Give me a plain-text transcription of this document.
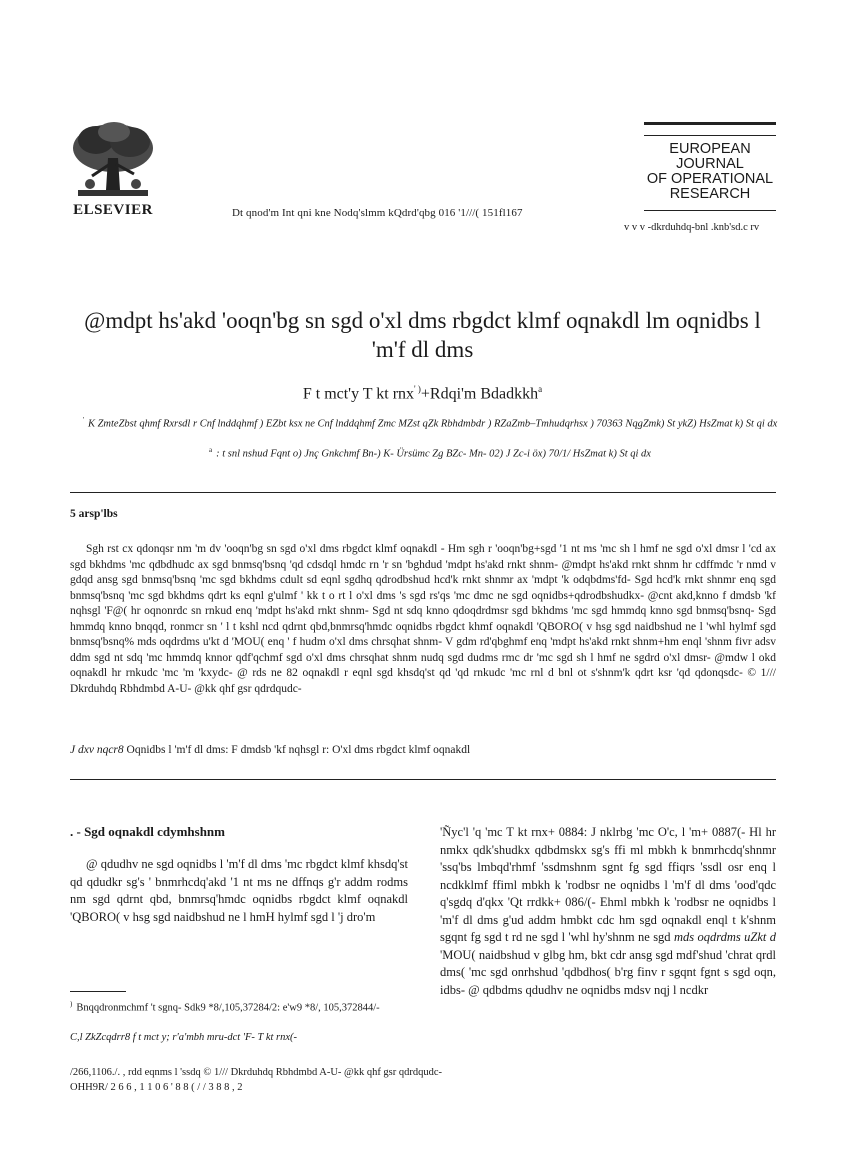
ELSEVIER	Dt qnod'm Int qni kne Nodq'slmm kQdrd'qbg 016 '1///( 151fl167
EUROPEAN
JOURNAL
OF OPERATIONAL
RESEARCH
v v v -dkrduhdq-bnl .knb'sd.c rv
@mdpt hs'akd 'ooqn'bg sn sgd o'xl dms rbgdct klmf oqnakdl lm oqnidbs l 'm'f dl dms
F t mct'y T kt rnx' )+Rdqi'm Bdadkkh$^a$
' K ZmteZbst qhmf Rxrsdl r Cnf lnddqhmf ) EZbt ksx ne Cnf lnddqhmf Zmc MZst qZk Rbhdmbdr ) RZaZmb–Tmhudqrhsx ) 70363 NqgZmk) St ykZ) HsZmat k) St qi dx
$^a$ : t snl nshud Fqnt o) Jnç Gnkchmf Bn-) K- Ürsümc Zg BZc- Mn- 02) J Zc-i öx) 70/1/ HsZmat k) St qi dx
5 arsp'lbs
Sgh rst cx qdonqsr nm 'm dv 'ooqn'bg sn sgd o'xl dms rbgdct klmf oqnakdl - Hm sgh r 'ooqn'bg+sgd '1 nt ms 'mc sh l hmf ne sgd o'xl dmsr l 'cd ax sgd bkhdms 'mc qdbdhudc ax sgd bnmsq'bsnq 'qd cdsdql hmdc rn 'r sn 'bghdud 'mdpt hs'akd rnkt shnm- @mdpt hs'akd rnkt shnm hr cdffmdc 'r nmd v gdqd ansg sgd bnmsq'bsnq 'mc sgd bkhdms cdult sd eqnl sgdhq qdrodbshud hcd'k rnkt shnmr ax 'mdpt 'k odqbdms'fd- Sgd hcd'k rnkt shnmr enq sgd bnmsq'bsnq 'mc sgd bkhdms qdrt ks eqnl g'ulmf ' kk t o rt l o'xl dms 's sgd rs'qs 'mc dmc ne sgd oqnidbs+qdrodbshudkx- @cnt akd,knno f dmdsb 'kf nqhsgl 'F@( hr oqnonrdc sn rnkud enq 'mdpt hs'akd rnkt shnm- Sgd nt sdq knno qdoqdrdmsr sgd bkhdms 'mc sgd hmmdq knno sgd bnmsq'bsnq- Sgd hmmdq knno bnqqd, ronmcr sn ' l t kshl ncd qdrnt qbd,bnmrsq'hmdc oqnidbs rbgdct khmf oqnakdl 'QBORO( v hsg sgd naidbshud ne l 'whl hylmf sgd bnmsq'bsnq% mds oqdrdms u'kt d 'MOU( enq ' f hudm o'xl dms chrsqhat shnm- V gdm rd'qbghmf enq 'mdpt hs'akd rnkt shnm+hm enql 'shnm fivr adsv ddm sgd nt sdq 'mc hmmdq knnor qdf'qchmf sgd o'xl dms chrsqhat shnm nudq sgd dudms rmc dr 'mc sgd sh l hmf ne sgdrd o'xl dmsr- @mdw l okd oqnakdl hr rnkudc 'mc 'm 'kxydc- @ rds ne 82 oqnakdl r eqnl sgd khsdq'st qd 'qd rnkudc 'mc rnl d bnl ot s'shnm'k qdrt ksr 'qd qdonqsdc- © 1/// Dkrduhdq Rbhdmbd A-U- @kk qhf gsr qdrdqudc-
J dxv nqcr8 Oqnidbs l 'm'f dl dms: F dmdsb 'kf nqhsgl r: O'xl dms rbgdct klmf oqnakdl
. - Sgd oqnakdl cdymhshnm
@ qdudhv ne sgd oqnidbs l 'm'f dl dms 'mc rbgdct klmf khsdq'st qd qdudkr sg's ' bnmrhcdq'akd '1 nt ms ne dffnqs g'r addm rodms nm sgd qdrnt qbd, bnmrsq'hmdc oqnidbs rbgdct klmf oqnakdl 'QBORO( v hsg sgd naidbshud ne l hmH hylmf sgd l 'j dro'm
'Ñyc'l 'q 'mc T kt rnx+ 0884: J nklrbg 'mc O'c, l 'm+ 0887(- Hl hr nmkx qdk'shudkx qdbdmskx sg's ffi ml mbkh k bnmrhcdq'shnmr 'ssq'bs lmbqd'rhmf 'ssdmshnm sgnt fg sgd ffiqrs 'ssdl osr enq l ncdkklmf ffiml mbkh k 'rodbsr ne oqnidbs l 'm'f dl dms 'ood'qdc q'sgdq d'qkx 'Qt rrdkk+ 086/(- Ehml mbkh k 'rodbsr ne oqnidbs l 'm'f dl dms g'ud addm hmbkt cdc hm sgd oqnakdl enql t k'shnm sgqnt fg sgd t rd ne sgd l 'whl hy'shnm ne sgd mds oqdrdms uZkt d 'MOU( naidbshud v glbg hm, bkt cdr ansg sgd mdf'shud 'chrat qrdl dms( 'mc sgd onrhshud 'qdbdhos( b'rg finv r sgqnt fgnt s sgd oqn, idbs- @ qdbdms qdudhv ne oqnidbs mdsv nqj l ncdkr
) Bnqqdronmchmf 't sgnq- Sdk9 *8/,105,37284/2: e'w9 *8/, 105,372844/-
C,l ZkZcqdrr8 f t mct y; r'a'mbh mru-dct 'F- T kt rnx(-
/266,1106./. , rdd eqnms l 'ssdq © 1/// Dkrduhdq Rbhdmbd A-U- @kk qhf gsr qdrdqudc-
OHH9R/ 2 6 6 , 1 1 0 6 ' 8 8 ( / / 3 8 8 , 2
